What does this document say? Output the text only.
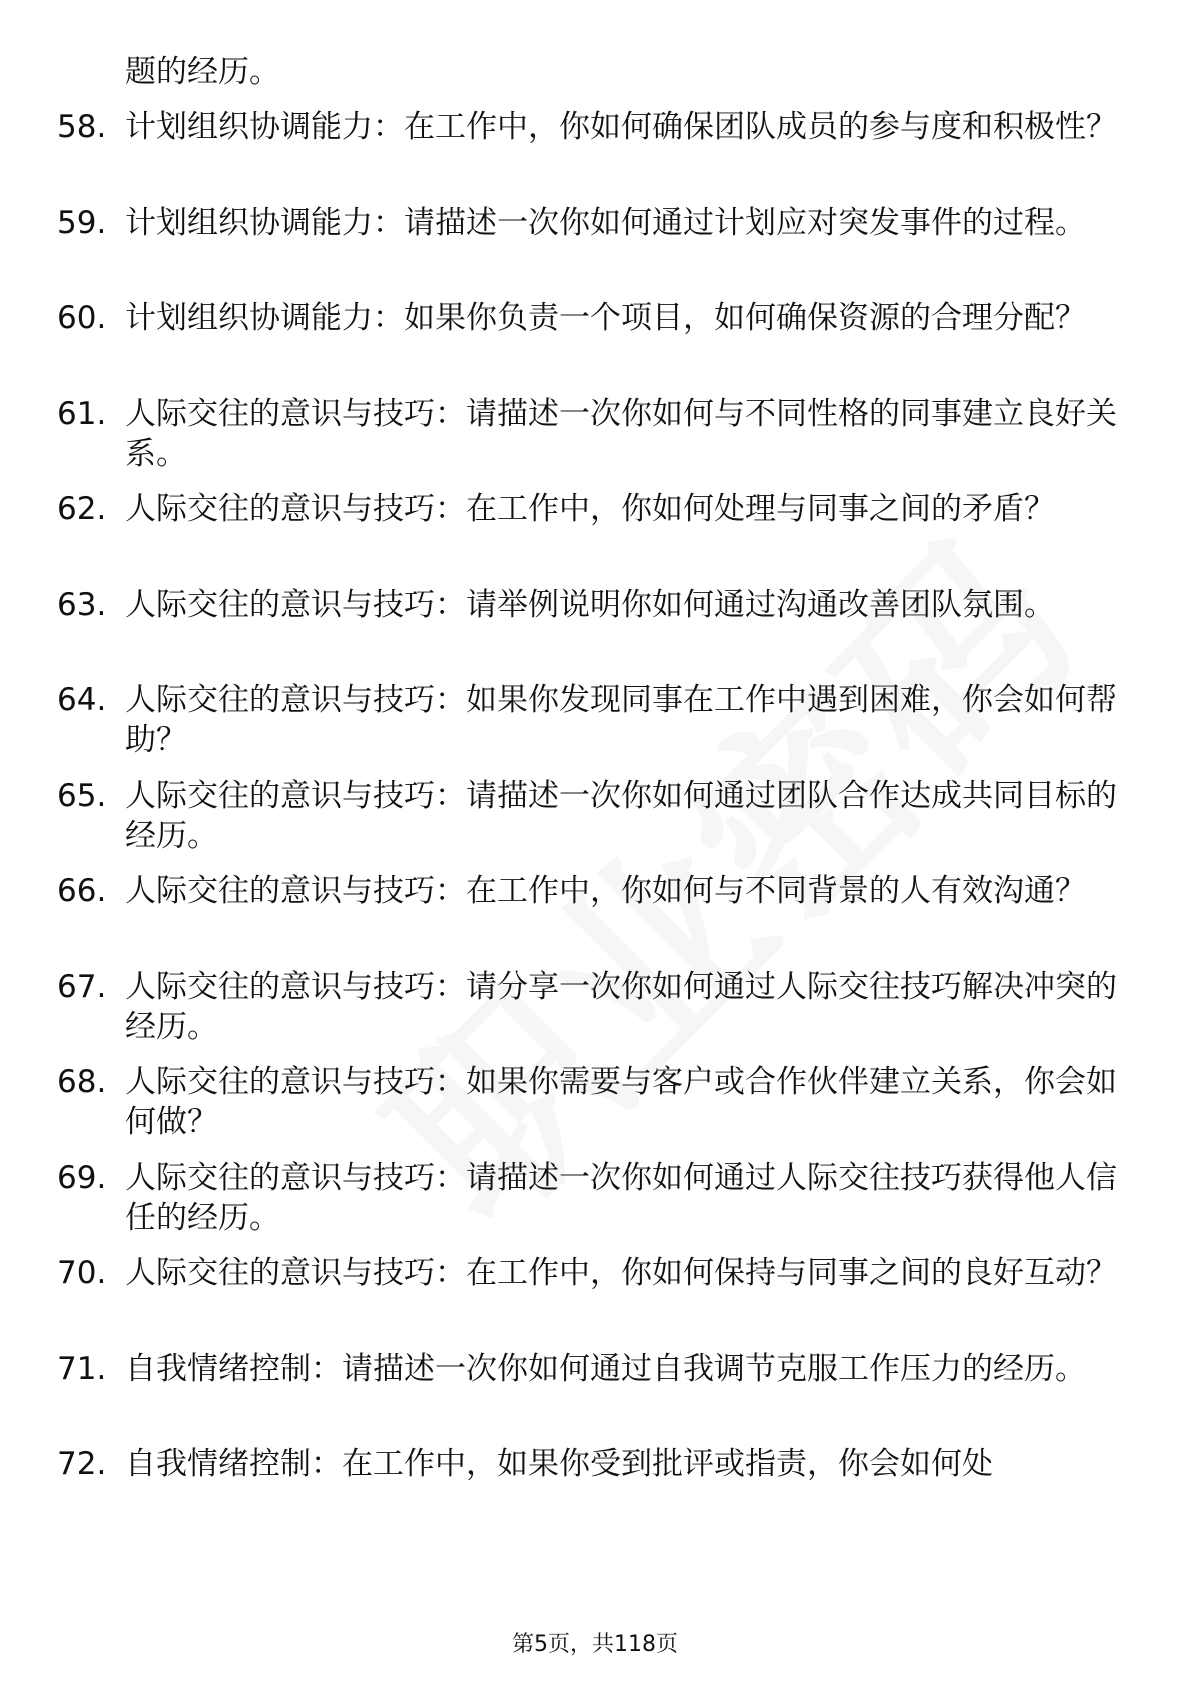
题的经历。
58. 计划组织协调能力：在工作中，你如何确保团队成员的参与度和积极性？
59. 计划组织协调能力：请描述一次你如何通过计划应对突发事件的过程。
60. 计划组织协调能力：如果你负责一个项目，如何确保资源的合理分配？
61. 人际交往的意识与技巧：请描述一次你如何与不同性格的同事建立良好关系。
62. 人际交往的意识与技巧：在工作中，你如何处理与同事之间的矛盾？
63. 人际交往的意识与技巧：请举例说明你如何通过沟通改善团队氛围。
64. 人际交往的意识与技巧：如果你发现同事在工作中遇到困难，你会如何帮助？
65. 人际交往的意识与技巧：请描述一次你如何通过团队合作达成共同目标的经历。
66. 人际交往的意识与技巧：在工作中，你如何与不同背景的人有效沟通？
67. 人际交往的意识与技巧：请分享一次你如何通过人际交往技巧解决冲突的经历。
68. 人际交往的意识与技巧：如果你需要与客户或合作伙伴建立关系，你会如何做？
69. 人际交往的意识与技巧：请描述一次你如何通过人际交往技巧获得他人信任的经历。
70. 人际交往的意识与技巧：在工作中，你如何保持与同事之间的良好互动？
71. 自我情绪控制：请描述一次你如何通过自我调节克服工作压力的经历。
72. 自我情绪控制：在工作中，如果你受到批评或指责，你会如何处
第5页，共118页
